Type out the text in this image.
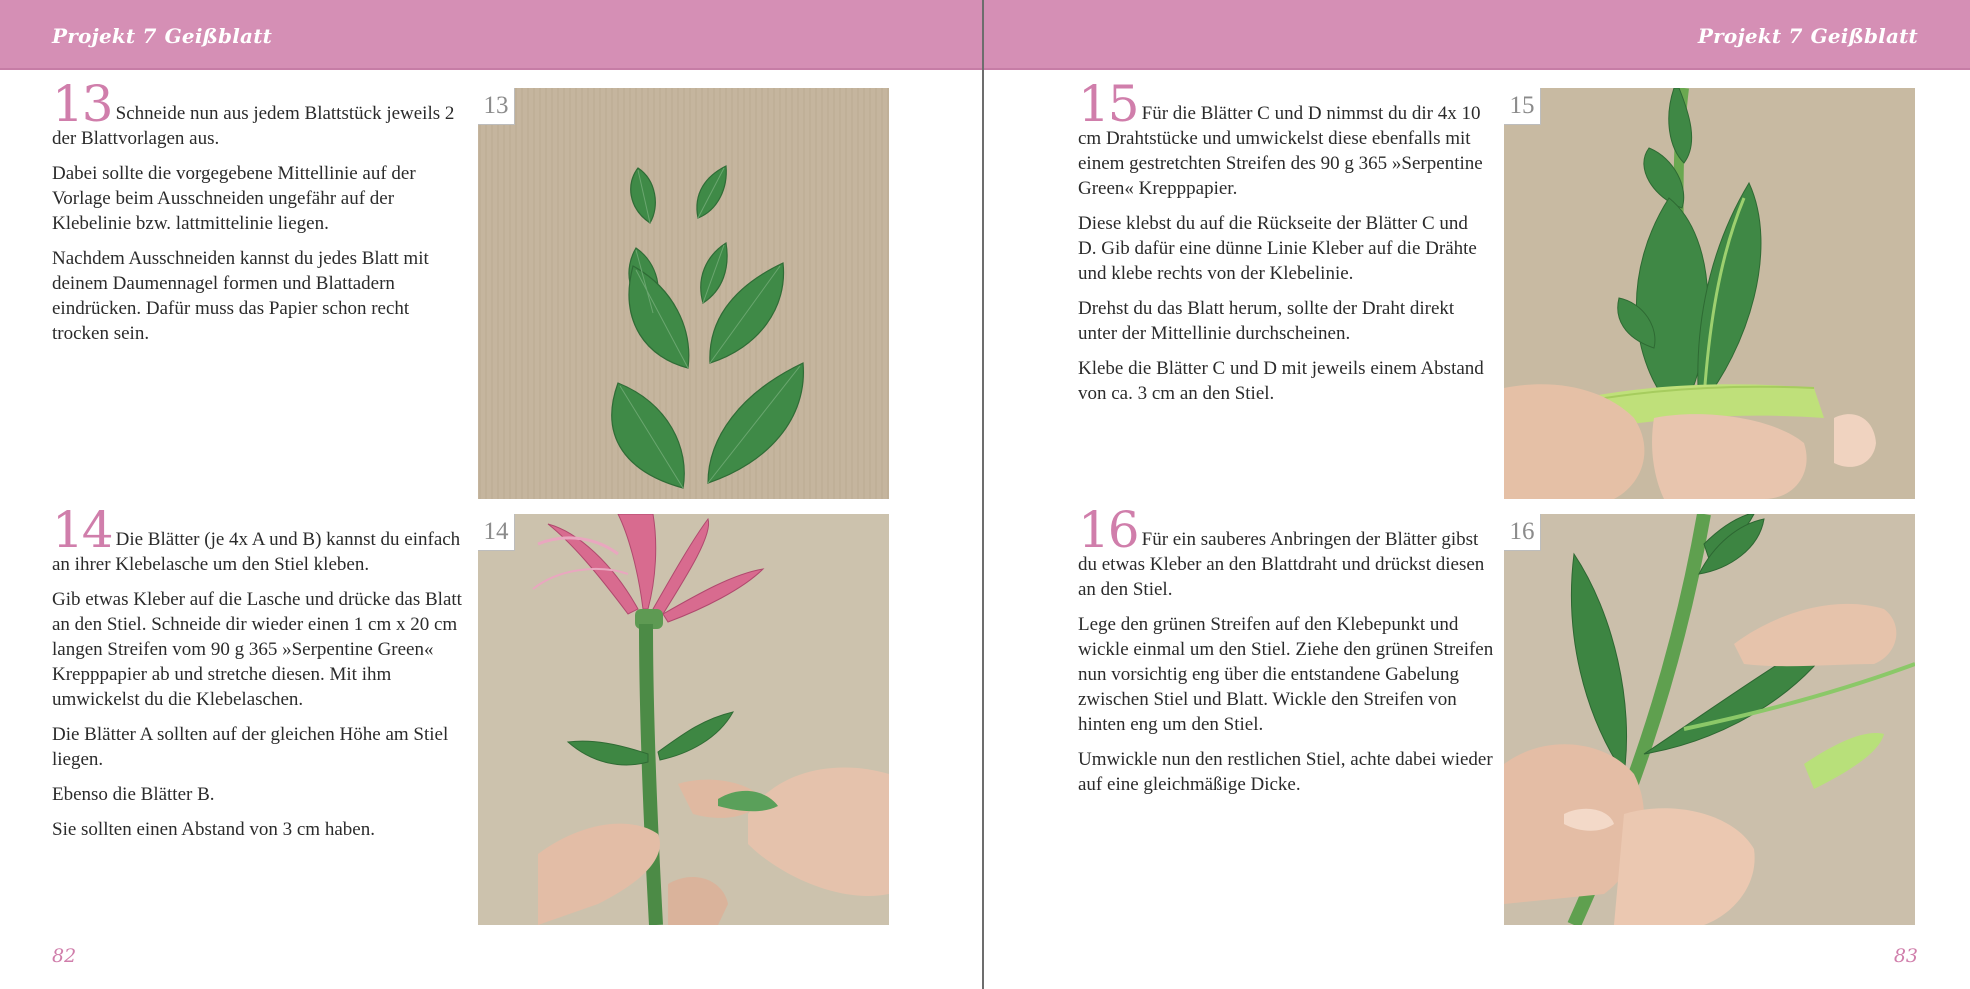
Projekt 7 Geißblatt

13 Schneide nun aus jedem Blattstück jeweils 2 der Blattvorlagen aus.

Dabei sollte die vorgegebene Mittellinie auf der Vorlage beim Ausschneiden ungefähr auf der Klebelinie bzw. lattmittelinie liegen.

Nachdem Ausschneiden kannst du jedes Blatt mit deinem Daumennagel formen und Blattadern eindrücken. Dafür muss das Papier schon recht trocken sein.

13

14 Die Blätter (je 4x A und B) kannst du einfach an ihrer Klebelasche um den Stiel kleben.

Gib etwas Kleber auf die Lasche und drücke das Blatt an den Stiel. Schneide dir wieder einen 1 cm x 20 cm langen Streifen vom 90 g 365 »Serpentine Green« Krepppapier ab und stretche diesen. Mit ihm umwickelst du die Klebelaschen.

Die Blätter A sollten auf der gleichen Höhe am Stiel liegen.

Ebenso die Blätter B.

Sie sollten einen Abstand von 3 cm haben.

14
82
Projekt 7 Geißblatt

15 Für die Blätter C und D nimmst du dir 4x 10 cm Drahtstücke und umwickelst diese ebenfalls mit einem gestretchten Streifen des 90 g 365 »Serpentine Green« Krepppapier.

Diese klebst du auf die Rückseite der Blätter C und D. Gib dafür eine dünne Linie Kleber auf die Drähte und klebe rechts von der Klebelinie.

Drehst du das Blatt herum, sollte der Draht direkt unter der Mittellinie durchscheinen.

Klebe die Blätter C und D mit jeweils einem Abstand von ca. 3 cm an den Stiel.

15

16 Für ein sauberes Anbringen der Blätter gibst du etwas Kleber an den Blattdraht und drückst diesen an den Stiel.

Lege den grünen Streifen auf den Klebepunkt und wickle einmal um den Stiel. Ziehe den grünen Streifen nun vorsichtig eng über die entstandene Gabelung zwischen Stiel und Blatt. Wickle den Streifen von hinten eng um den Stiel.

Umwickle nun den restlichen Stiel, achte dabei wieder auf eine gleichmäßige Dicke.

16
83
